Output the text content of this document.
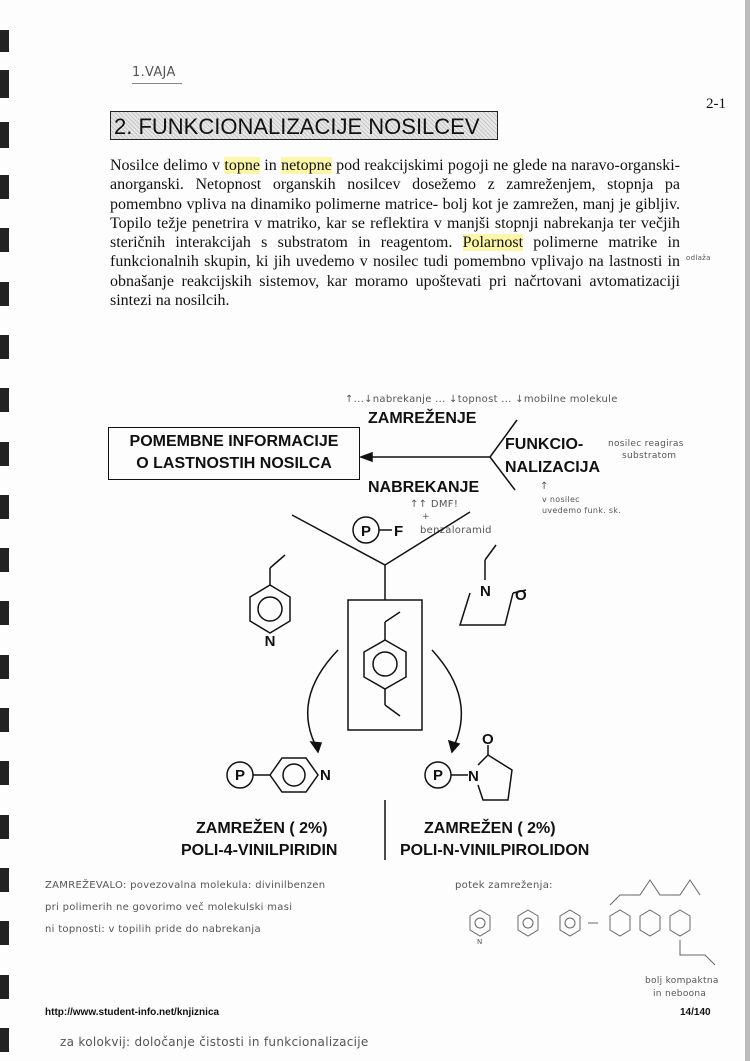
1.VAJA
2-1
2. FUNKCIONALIZACIJE NOSILCEV
Nosilce delimo v topne in netopne pod reakcijskimi pogoji ne glede na naravo-organski-anorganski. Netopnost organskih nosilcev dosežemo z zamreženjem, stopnja pa pomembno vpliva na dinamiko polimerne matrice- bolj kot je zamrežen, manj je gibljiv. Topilo težje penetrira v matriko, kar se reflektira v manjši stopnji nabrekanja ter večjih steričnih interakcijah s substratom in reagentom. Polarnost polimerne matrike in funkcionalnih skupin, ki jih uvedemo v nosilec tudi pomembno vplivajo na lastnosti in obnašanje reakcijskih sistemov, kar moramo upoštevati pri načrtovani avtomatizaciji sintezi na nosilcih.
odlaža
↑...↓nabrekanje ... ↓topnost ... ↓mobilne molekule
ZAMREŽENJE
POMEMBNE INFORMACIJE
O LASTNOSTIH NOSILCA
FUNKCIO-
NALIZACIJA
nosilec reagiras
substratom
↑
v nosilec
uvedemo funk. sk.
NABREKANJE
↑↑ DMF!
+
benzaloramid
P F
N
N O
P	N	P N
O
ZAMREŽEN ( 2%)
POLI-4-VINILPIRIDIN
ZAMREŽEN ( 2%)
POLI-N-VINILPIROLIDON
ZAMREŽEVALO: povezovalna molekula: divinilbenzen
pri polimerih ne govorimo več molekulski masi
ni topnosti: v topilih pride do nabrekanja
potek zamreženja:
N
bolj kompaktna
in neboona
http://www.student-info.net/knjiznica	14/140
za kolokvij: določanje čistosti in funkcionalizacije
